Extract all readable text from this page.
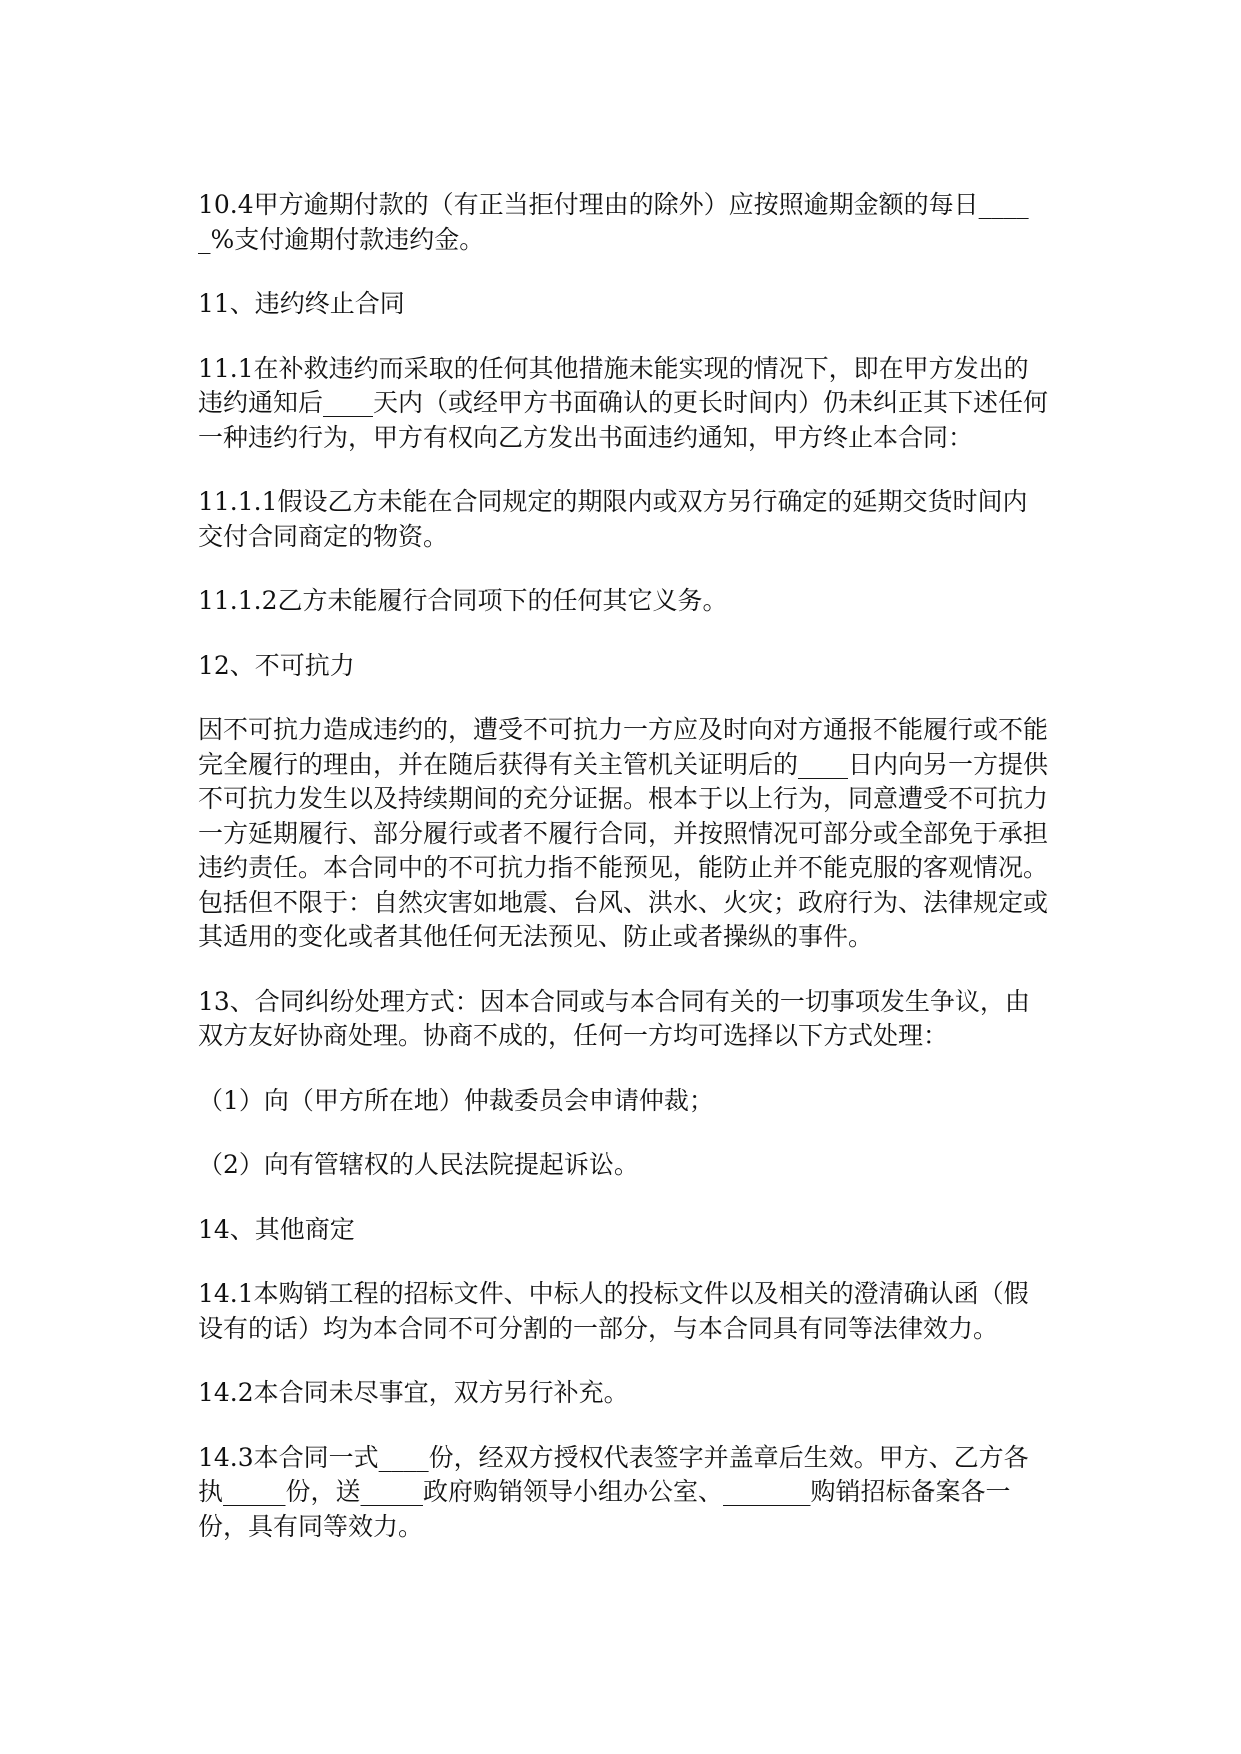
10.4甲方逾期付款的（有正当拒付理由的除外）应按照逾期金额的每日_____%支付逾期付款违约金。

11、违约终止合同

11.1在补救违约而采取的任何其他措施未能实现的情况下，即在甲方发出的违约通知后____天内（或经甲方书面确认的更长时间内）仍未纠正其下述任何一种违约行为，甲方有权向乙方发出书面违约通知，甲方终止本合同：

11.1.1假设乙方未能在合同规定的期限内或双方另行确定的延期交货时间内交付合同商定的物资。

11.1.2乙方未能履行合同项下的任何其它义务。

12、不可抗力

因不可抗力造成违约的，遭受不可抗力一方应及时向对方通报不能履行或不能完全履行的理由，并在随后获得有关主管机关证明后的____日内向另一方提供不可抗力发生以及持续期间的充分证据。根本于以上行为，同意遭受不可抗力一方延期履行、部分履行或者不履行合同，并按照情况可部分或全部免于承担违约责任。本合同中的不可抗力指不能预见，能防止并不能克服的客观情况。包括但不限于：自然灾害如地震、台风、洪水、火灾；政府行为、法律规定或其适用的变化或者其他任何无法预见、防止或者操纵的事件。

13、合同纠纷处理方式：因本合同或与本合同有关的一切事项发生争议，由双方友好协商处理。协商不成的，任何一方均可选择以下方式处理：

（1）向（甲方所在地）仲裁委员会申请仲裁；

（2）向有管辖权的人民法院提起诉讼。

14、其他商定

14.1本购销工程的招标文件、中标人的投标文件以及相关的澄清确认函（假设有的话）均为本合同不可分割的一部分，与本合同具有同等法律效力。

14.2本合同未尽事宜，双方另行补充。

14.3本合同一式____份，经双方授权代表签字并盖章后生效。甲方、乙方各执_____份，送_____政府购销领导小组办公室、_______购销招标备案各一份，具有同等效力。
